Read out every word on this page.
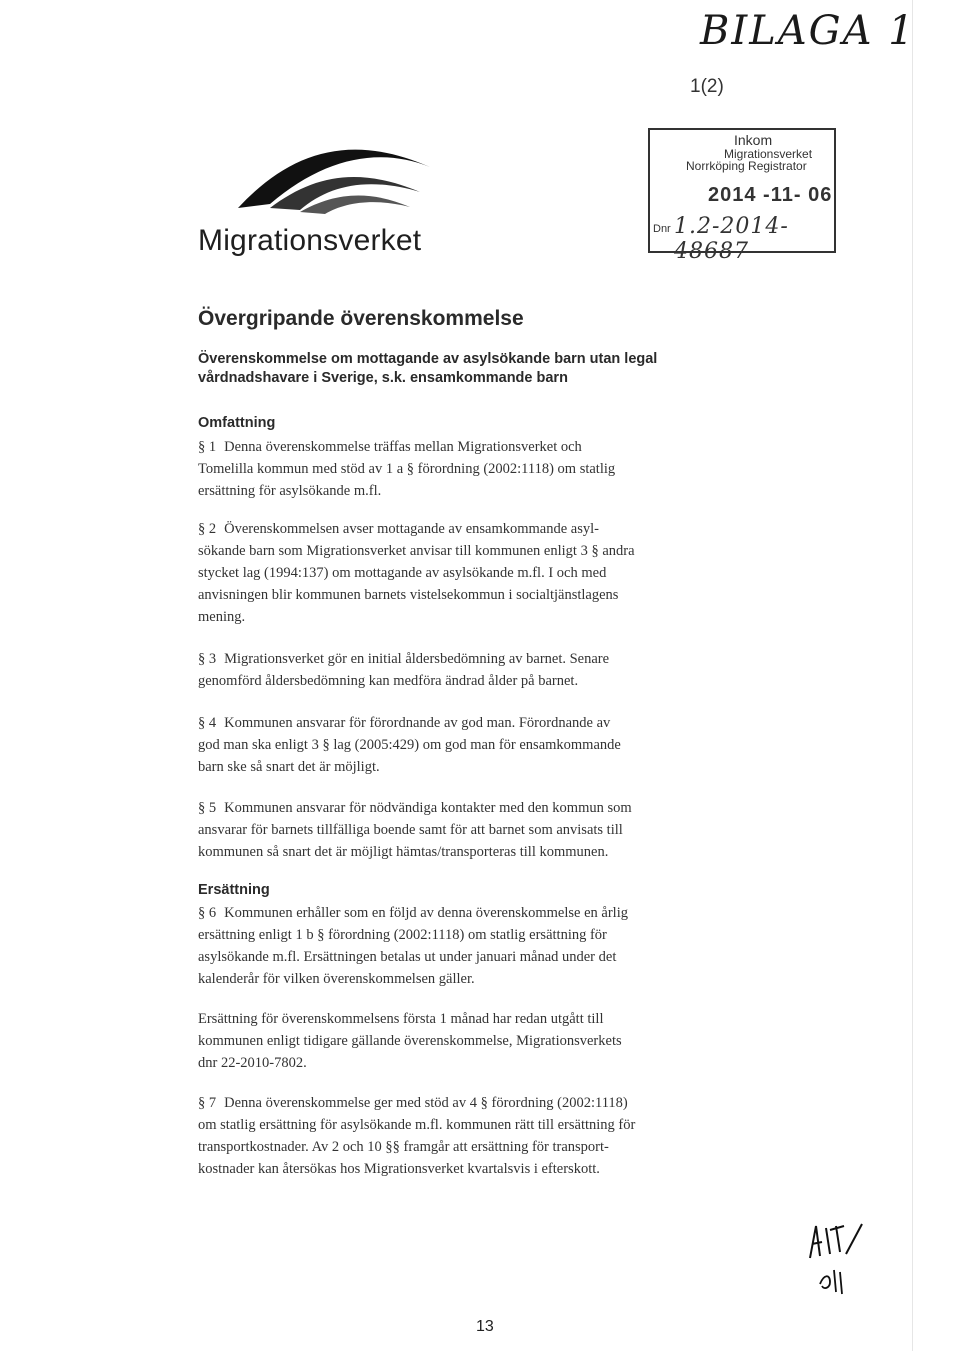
BILAGA 1
1(2)
Migrationsverket
Inkom
Migrationsverket
Norrköping Registrator
2014 -11- 06
Dnr 1.2-2014-48687
Övergripande överenskommelse
Överenskommelse om mottagande av asylsökande barn utan legal
vårdnadshavare i Sverige, s.k. ensamkommande barn
Omfattning
§ 1 Denna överenskommelse träffas mellan Migrationsverket och
Tomelilla kommun med stöd av 1 a § förordning (2002:1118) om statlig
ersättning för asylsökande m.fl.
§ 2 Överenskommelsen avser mottagande av ensamkommande asyl-
sökande barn som Migrationsverket anvisar till kommunen enligt 3 § andra
stycket lag (1994:137) om mottagande av asylsökande m.fl. I och med
anvisningen blir kommunen barnets vistelsekommun i socialtjänstlagens
mening.
§ 3 Migrationsverket gör en initial åldersbedömning av barnet. Senare
genomförd åldersbedömning kan medföra ändrad ålder på barnet.
§ 4 Kommunen ansvarar för förordnande av god man. Förordnande av
god man ska enligt 3 § lag (2005:429) om god man för ensamkommande
barn ske så snart det är möjligt.
§ 5 Kommunen ansvarar för nödvändiga kontakter med den kommun som
ansvarar för barnets tillfälliga boende samt för att barnet som anvisats till
kommunen så snart det är möjligt hämtas/transporteras till kommunen.
Ersättning
§ 6 Kommunen erhåller som en följd av denna överenskommelse en årlig
ersättning enligt 1 b § förordning (2002:1118) om statlig ersättning för
asylsökande m.fl. Ersättningen betalas ut under januari månad under det
kalenderår för vilken överenskommelsen gäller.
Ersättning för överenskommelsens första 1 månad har redan utgått till
kommunen enligt tidigare gällande överenskommelse, Migrationsverkets
dnr 22-2010-7802.
§ 7 Denna överenskommelse ger med stöd av 4 § förordning (2002:1118)
om statlig ersättning för asylsökande m.fl. kommunen rätt till ersättning för
transportkostnader. Av 2 och 10 §§ framgår att ersättning för transport-
kostnader kan återsökas hos Migrationsverket kvartalsvis i efterskott.
13
